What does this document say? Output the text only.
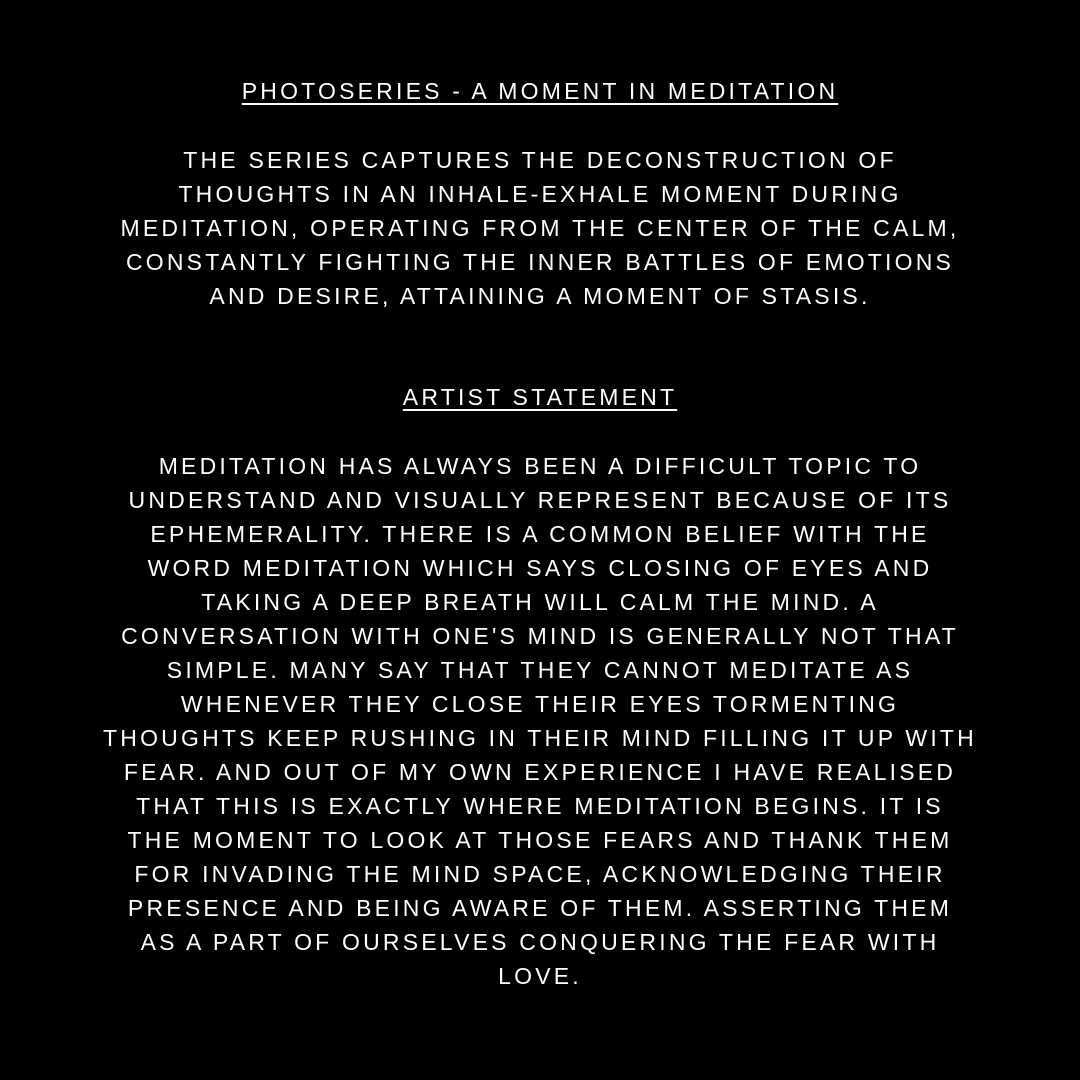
PHOTOSERIES - A MOMENT IN MEDITATION
THE SERIES CAPTURES THE DECONSTRUCTION OF
THOUGHTS IN AN INHALE-EXHALE MOMENT DURING
MEDITATION, OPERATING FROM THE CENTER OF THE CALM,
CONSTANTLY FIGHTING THE INNER BATTLES OF EMOTIONS
AND DESIRE, ATTAINING A MOMENT OF STASIS.
ARTIST STATEMENT
MEDITATION HAS ALWAYS BEEN A DIFFICULT TOPIC TO
UNDERSTAND AND VISUALLY REPRESENT BECAUSE OF ITS
EPHEMERALITY. THERE IS A COMMON BELIEF WITH THE
WORD MEDITATION WHICH SAYS CLOSING OF EYES AND
TAKING A DEEP BREATH WILL CALM THE MIND. A
CONVERSATION WITH ONE'S MIND IS GENERALLY NOT THAT
SIMPLE. MANY SAY THAT THEY CANNOT MEDITATE AS
WHENEVER THEY CLOSE THEIR EYES TORMENTING
THOUGHTS KEEP RUSHING IN THEIR MIND FILLING IT UP WITH
FEAR. AND OUT OF MY OWN EXPERIENCE I HAVE REALISED
THAT THIS IS EXACTLY WHERE MEDITATION BEGINS. IT IS
THE MOMENT TO LOOK AT THOSE FEARS AND THANK THEM
FOR INVADING THE MIND SPACE, ACKNOWLEDGING THEIR
PRESENCE AND BEING AWARE OF THEM. ASSERTING THEM
AS A PART OF OURSELVES CONQUERING THE FEAR WITH
LOVE.
